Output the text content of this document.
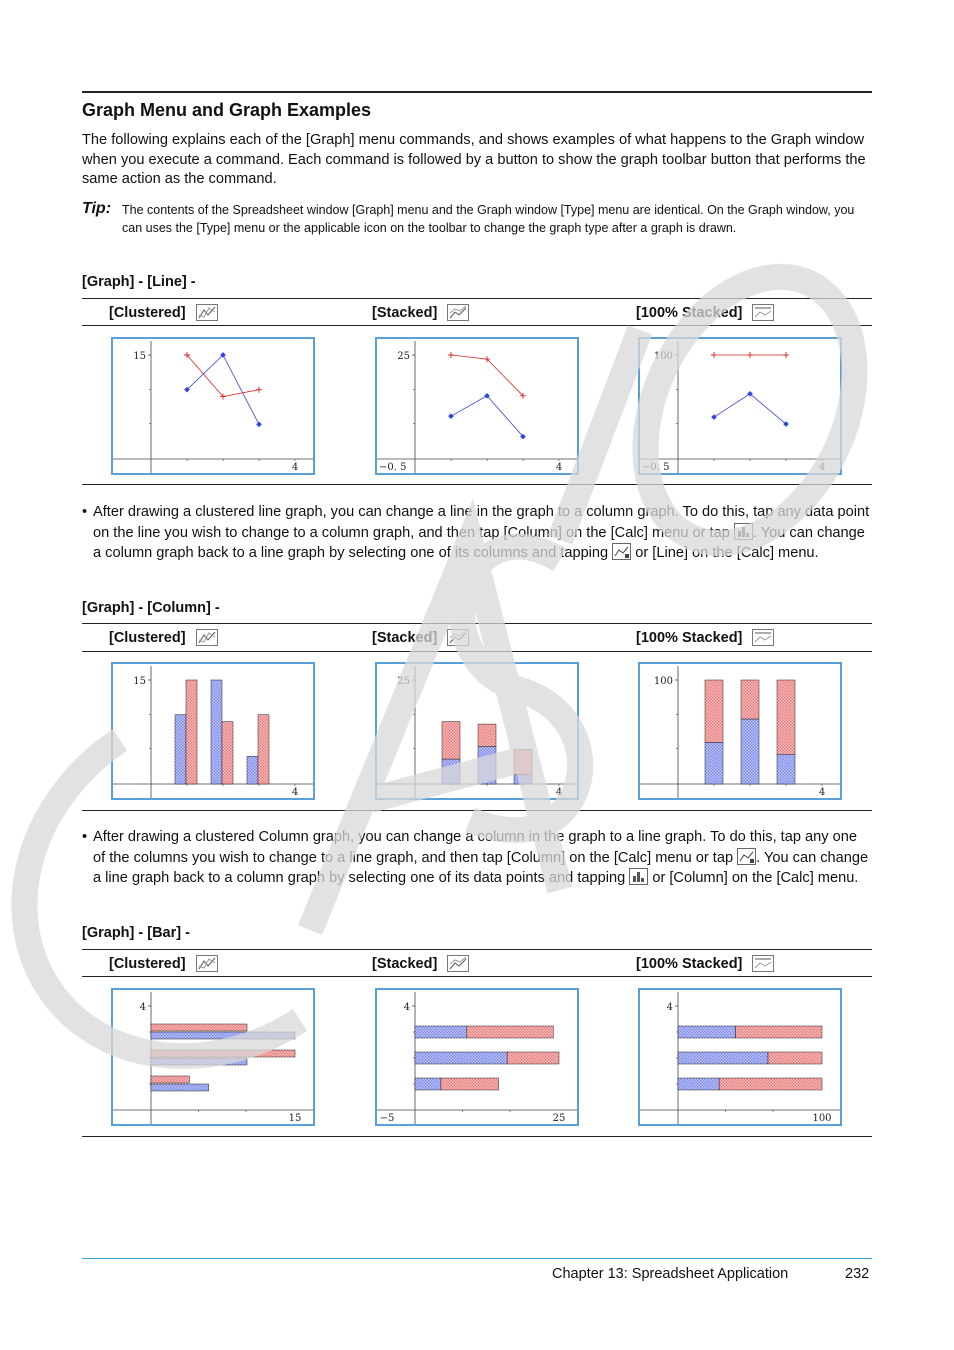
Graph Menu and Graph Examples
The following explains each of the [Graph] menu commands, and shows examples of what happens to the Graph window when you execute a command. Each command is followed by a button to show the graph toolbar button that performs the same action as the command.
Tip: The contents of the Spreadsheet window [Graph] menu and the Graph window [Type] menu are identical. On the Graph window, you can uses the [Type] menu or the applicable icon on the toolbar to change the graph type after a graph is drawn.
[Graph] - [Line] -
[Clustered]	[Stacked]	[100% Stacked]
15
4
25
4
−0. 5
100
4
−0. 5
• After drawing a clustered line graph, you can change a line in the graph to a column graph. To do this, tap any data point on the line you wish to change to a column graph, and then tap [Column] on the [Calc] menu or tap . You can change a column graph back to a line graph by selecting one of its columns and tapping  or [Line] on the [Calc] menu.
[Graph] - [Column] -
[Clustered]	[Stacked]	[100% Stacked]
15
4
25
4
100
4
• After drawing a clustered Column graph, you can change a column in the graph to a line graph. To do this, tap any one of the columns you wish to change to a line graph, and then tap [Column] on the [Calc] menu or tap . You can change a line graph back to a column graph by selecting one of its data points and tapping  or [Column] on the [Calc] menu.
[Graph] - [Bar] -
[Clustered]	[Stacked]	[100% Stacked]
4
15
4
25
−5
4
100
Chapter 13: Spreadsheet Application	232
